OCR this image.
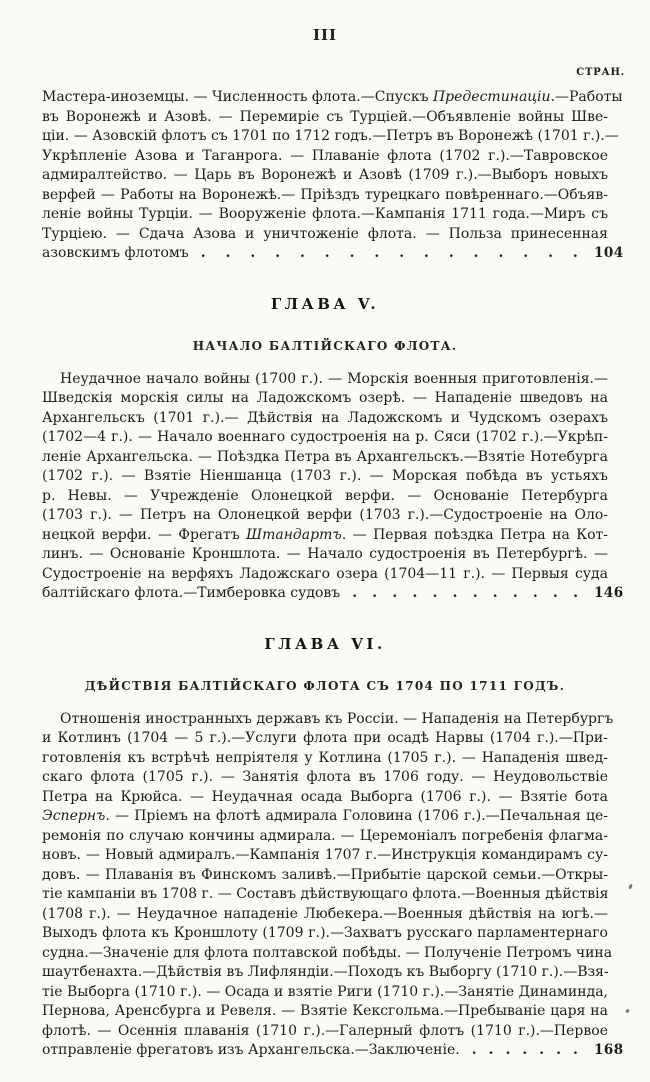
III
СТРАН.
Мастера-иноземцы. — Численность флота.—Спускъ Предестинаціи.—Работы
въ Воронежѣ и Азовѣ. — Перемиріе съ Турціей.—Объявленіе войны Шве-
ціи. — Азовскій флотъ съ 1701 по 1712 годъ.—Петръ въ Воронежѣ (1701 г.).—
Укрѣпленіе Азова и Таганрога. — Плаваніе флота (1702 г.).—Тавровское
адмиралтейство. — Царь въ Воронежѣ и Азовѣ (1709 г.).—Выборъ новыхъ
верфей — Работы на Воронежѣ.— Пріѣздъ турецкаго повѣреннаго.—Объяв-
леніе войны Турціи. — Вооруженіе флота.—Кампанія 1711 года.—Миръ съ
Турціею. — Сдача Азова и уничтоженіе флота. — Польза принесенная
азовскимъ флотомъ . . . . . . . . . . . . . . . . 104
ГЛАВА V.
НАЧАЛО БАЛТІЙСКАГО ФЛОТА.
Неудачное начало войны (1700 г.). — Морскія военныя приготовленія.—
Шведскія морскія силы на Ладожскомъ озерѣ. — Нападеніе шведовъ на
Архангельскъ (1701 г.).— Дѣйствія на Ладожскомъ и Чудскомъ озерахъ
(1702—4 г.). — Начало военнаго судостроенія на р. Сяси (1702 г.).—Укрѣп-
леніе Архангельска. — Поѣздка Петра въ Архангельскъ.—Взятіе Нотебурга
(1702 г.). — Взятіе Ніеншанца (1703 г.). — Морская побѣда въ устьяхъ
р. Невы. — Учрежденіе Олонецкой верфи. — Основаніе Петербурга
(1703 г.). — Петръ на Олонецкой верфи (1703 г.).—Судостроеніе на Оло-
нецкой верфи. — Фрегатъ Штандартъ. — Первая поѣздка Петра на Кот-
линъ. — Основаніе Кроншлота. — Начало судостроенія въ Петербургѣ. —
Судостроеніе на верфяхъ Ладожскаго озера (1704—11 г.). — Первыя суда
балтійскаго флота.—Тимберовка судовъ . . . . . . . . . . . . 146
ГЛАВА VI.
ДѢЙСТВІЯ БАЛТІЙСКАГО ФЛОТА СЪ 1704 ПО 1711 ГОДЪ.
Отношенія иностранныхъ державъ къ Россіи. — Нападенія на Петербургъ
и Котлинъ (1704 — 5 г.).—Услуги флота при осадѣ Нарвы (1704 г.).—При-
готовленія къ встрѣчѣ непріятеля у Котлина (1705 г.). — Нападенія швед-
скаго флота (1705 г.). — Занятія флота въ 1706 году. — Неудовольствіе
Петра на Крюйса. — Неудачная осада Выборга (1706 г.). — Взятіе бота
Эспернъ. — Пріемъ на флотѣ адмирала Головина (1706 г.).—Печальная це-
ремонія по случаю кончины адмирала. — Церемоніалъ погребенія флагма-
новъ. — Новый адмиралъ.—Кампанія 1707 г.—Инструкція командирамъ су-
довъ. — Плаванія въ Финскомъ заливѣ.—Прибытіе царской семьи.—Откры-
тіе кампаніи въ 1708 г. — Составъ дѣйствующаго флота.—Военныя дѣйствія
(1708 г.). — Неудачное нападеніе Любекера.—Военныя дѣйствія на югѣ.—
Выходъ флота къ Кроншлоту (1709 г.).—Захватъ русскаго парламентернаго
судна.—Значеніе для флота полтавской побѣды. — Полученіе Петромъ чина
шаутбенахта.—Дѣйствія въ Лифляндіи.—Походъ къ Выборгу (1710 г.).—Взя-
тіе Выборга (1710 г.). — Осада и взятіе Риги (1710 г.).—Занятіе Динаминда,
Пернова, Аренсбурга и Ревеля. — Взятіе Кексгольма.—Пребываніе царя на
флотѣ. — Осеннія плаванія (1710 г.).—Галерный флотъ (1710 г.).—Первое
отправленіе фрегатовъ изъ Архангельска.—Заключеніе. . . . . . . . 168
